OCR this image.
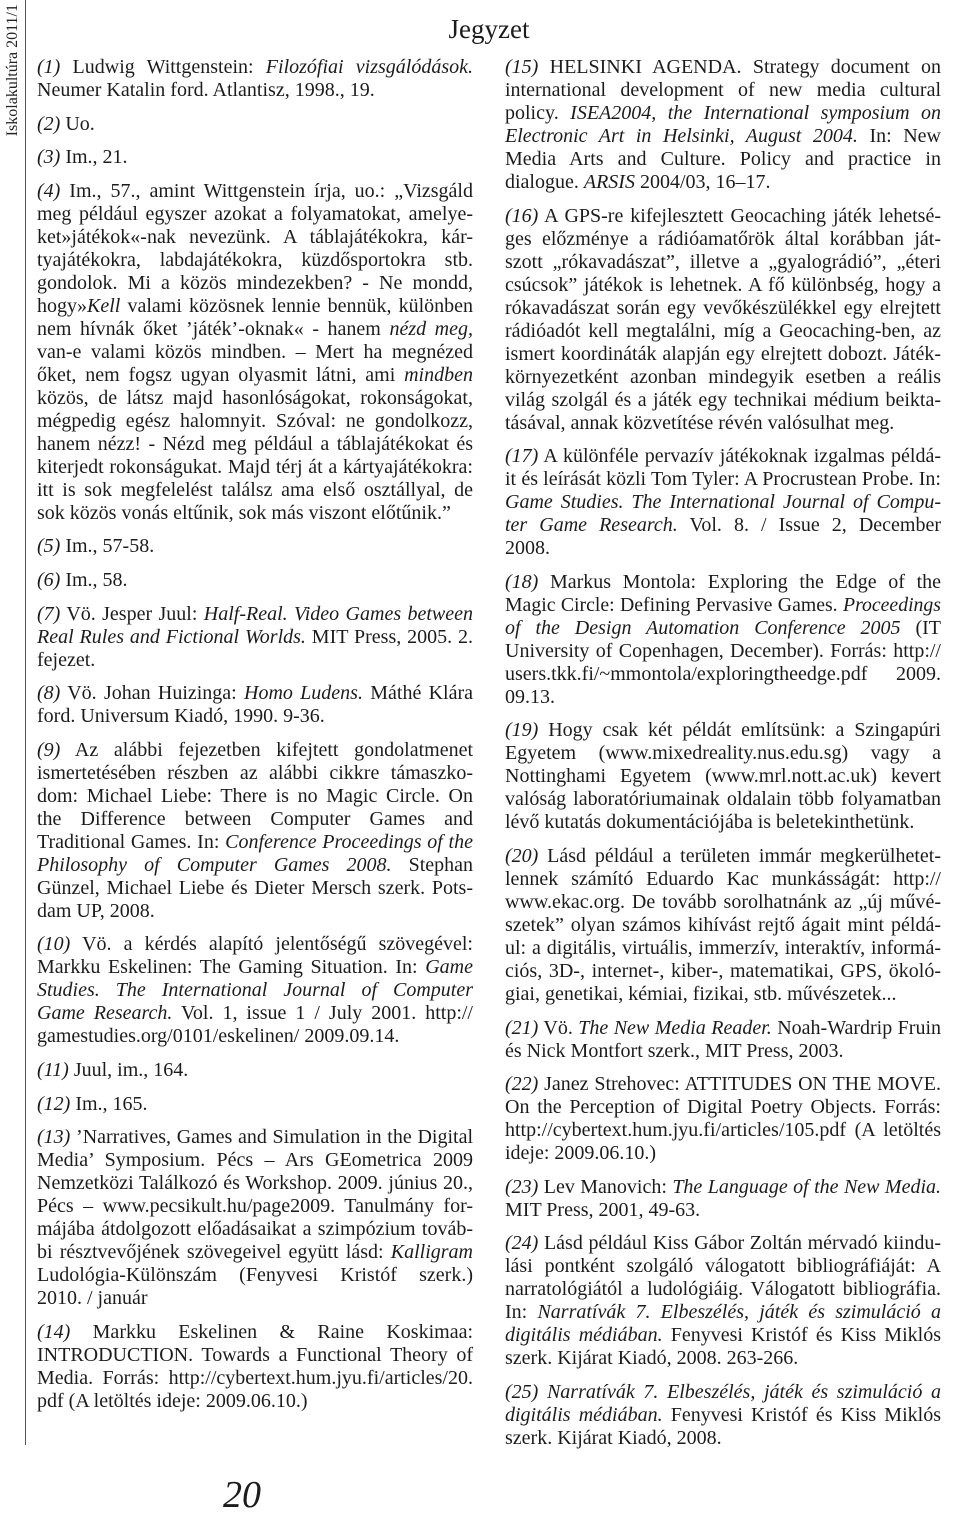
Iskolakultúra 2011/1	Jegyzet
(1) Ludwig Wittgenstein: Filozófiai vizsgálódások.
Neumer Katalin ford. Atlantisz, 1998., 19.
(2) Uo.
(3) Im., 21.
(4) Im., 57., amint Wittgenstein írja, uo.: „Vizsgáld
meg például egyszer azokat a folyamatokat, amelye-
ket»játékok«-nak nevezünk. A táblajátékokra, kár-
tyajátékokra, labdajátékokra, küzdősportokra stb.
gondolok. Mi a közös mindezekben? - Ne mondd,
hogy»Kell valami közösnek lennie bennük, különben
nem hívnák őket ’játék’-oknak« - hanem nézd meg,
van-e valami közös mindben. – Mert ha megnézed
őket, nem fogsz ugyan olyasmit látni, ami mindben
közös, de látsz majd hasonlóságokat, rokonságokat,
mégpedig egész halomnyit. Szóval: ne gondolkozz,
hanem nézz! - Nézd meg például a táblajátékokat és
kiterjedt rokonságukat. Majd térj át a kártyajátékokra:
itt is sok megfelelést találsz ama első osztállyal, de
sok közös vonás eltűnik, sok más viszont előtűnik.”
(5) Im., 57-58.
(6) Im., 58.
(7) Vö. Jesper Juul: Half-Real. Video Games between
Real Rules and Fictional Worlds. MIT Press, 2005. 2.
fejezet.
(8) Vö. Johan Huizinga: Homo Ludens. Máthé Klára
ford. Universum Kiadó, 1990. 9-36.
(9) Az alábbi fejezetben kifejtett gondolatmenet
ismertetésében részben az alábbi cikkre támaszko-
dom: Michael Liebe: There is no Magic Circle. On
the Difference between Computer Games and
Traditional Games. In: Conference Proceedings of the
Philosophy of Computer Games 2008. Stephan
Günzel, Michael Liebe és Dieter Mersch szerk. Pots-
dam UP, 2008.
(10) Vö. a kérdés alapító jelentőségű szövegével:
Markku Eskelinen: The Gaming Situation. In: Game
Studies. The International Journal of Computer
Game Research. Vol. 1, issue 1 / July 2001. http://
gamestudies.org/0101/eskelinen/ 2009.09.14.
(11) Juul, im., 164.
(12) Im., 165.
(13) ’Narratives, Games and Simulation in the Digital
Media’ Symposium. Pécs – Ars GEometrica 2009
Nemzetközi Találkozó és Workshop. 2009. június 20.,
Pécs – www.pecsikult.hu/page2009. Tanulmány for-
májába átdolgozott előadásaikat a szimpózium továb-
bi résztvevőjének szövegeivel együtt lásd: Kalligram
Ludológia-Különszám (Fenyvesi Kristóf szerk.)
2010. / január
(14) Markku Eskelinen & Raine Koskimaa:
INTRODUCTION. Towards a Functional Theory of
Media. Forrás: http://cybertext.hum.jyu.fi/articles/20.
pdf (A letöltés ideje: 2009.06.10.)
(15) HELSINKI AGENDA. Strategy document on
international development of new media cultural
policy. ISEA2004, the International symposium on
Electronic Art in Helsinki, August 2004. In: New
Media Arts and Culture. Policy and practice in
dialogue. ARSIS 2004/03, 16–17.
(16) A GPS-re kifejlesztett Geocaching játék lehetsé-
ges előzménye a rádióamatőrök által korábban ját-
szott „rókavadászat”, illetve a „gyalográdió”, „éteri
csúcsok” játékok is lehetnek. A fő különbség, hogy a
rókavadászat során egy vevőkészülékkel egy elrejtett
rádióadót kell megtalálni, míg a Geocaching-ben, az
ismert koordináták alapján egy elrejtett dobozt. Játék-
környezetként azonban mindegyik esetben a reális
világ szolgál és a játék egy technikai médium beikta-
tásával, annak közvetítése révén valósulhat meg.
(17) A különféle pervazív játékoknak izgalmas példá-
it és leírását közli Tom Tyler: A Procrustean Probe. In:
Game Studies. The International Journal of Compu-
ter Game Research. Vol. 8. / Issue 2, December
2008.
(18) Markus Montola: Exploring the Edge of the
Magic Circle: Defining Pervasive Games. Proceedings
of the Design Automation Conference 2005 (IT
University of Copenhagen, December). Forrás: http://
users.tkk.fi/~mmontola/exploringtheedge.pdf 2009.
09.13.
(19) Hogy csak két példát említsünk: a Szingapúri
Egyetem (www.mixedreality.nus.edu.sg) vagy a
Nottinghami Egyetem (www.mrl.nott.ac.uk) kevert
valóság laboratóriumainak oldalain több folyamatban
lévő kutatás dokumentációjába is beletekinthetünk.
(20) Lásd például a területen immár megkerülhetet-
lennek számító Eduardo Kac munkásságát: http://
www.ekac.org. De tovább sorolhatnánk az „új művé-
szetek” olyan számos kihívást rejtő ágait mint példá-
ul: a digitális, virtuális, immerzív, interaktív, informá-
ciós, 3D-, internet-, kiber-, matematikai, GPS, ökoló-
giai, genetikai, kémiai, fizikai, stb. művészetek...
(21) Vö. The New Media Reader. Noah-Wardrip Fruin
és Nick Montfort szerk., MIT Press, 2003.
(22) Janez Strehovec: ATTITUDES ON THE MOVE.
On the Perception of Digital Poetry Objects. Forrás:
http://cybertext.hum.jyu.fi/articles/105.pdf (A letöltés
ideje: 2009.06.10.)
(23) Lev Manovich: The Language of the New Media.
MIT Press, 2001, 49-63.
(24) Lásd például Kiss Gábor Zoltán mérvadó kiindu-
lási pontként szolgáló válogatott bibliográfiáját: A
narratológiától a ludológiáig. Válogatott bibliográfia.
In: Narratívák 7. Elbeszélés, játék és szimuláció a
digitális médiában. Fenyvesi Kristóf és Kiss Miklós
szerk. Kijárat Kiadó, 2008. 263-266.
(25) Narratívák 7. Elbeszélés, játék és szimuláció a
digitális médiában. Fenyvesi Kristóf és Kiss Miklós
szerk. Kijárat Kiadó, 2008.
20
